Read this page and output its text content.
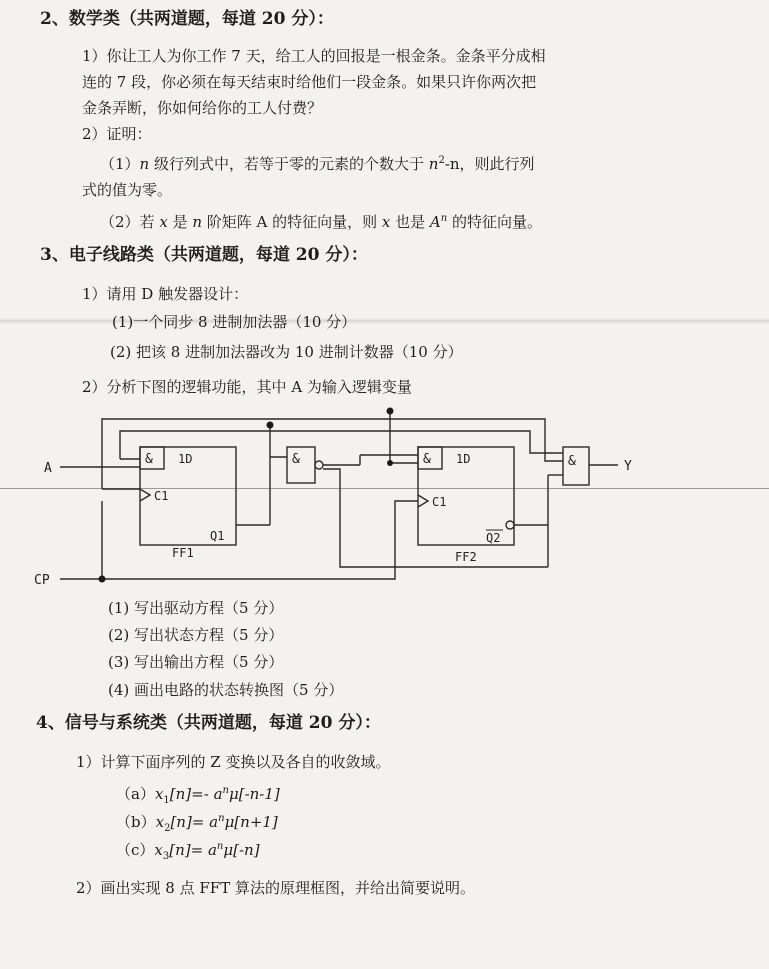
2、数学类（共两道题，每道 20 分）：
1）你让工人为你工作 7 天，给工人的回报是一根金条。金条平分成相
连的 7 段，你必须在每天结束时给他们一段金条。如果只许你两次把
金条弄断，你如何给你的工人付费？
2）证明：
（1）n 级行列式中，若等于零的元素的个数大于 $n^2-n$，则此行列
式的值为零。
（2）若 x 是 n 阶矩阵 A 的特征向量，则 x 也是 $A^n$ 的特征向量。
3、电子线路类（共两道题，每道 20 分）：
1）请用 D 触发器设计：
(1)一个同步 8 进制加法器（10 分）
(2) 把该 8 进制加法器改为 10 进制计数器（10 分）
2）分析下图的逻辑功能，其中 A 为输入逻辑变量
A
CP
Y
& 1D
C1
Q1
FF1
&	& 1D
C1
Q2
FF2
&
(1) 写出驱动方程（5 分）
(2) 写出状态方程（5 分）
(3) 写出输出方程（5 分）
(4) 画出电路的状态转换图（5 分）
4、信号与系统类（共两道题，每道 20 分）：
1）计算下面序列的 Z 变换以及各自的收敛域。
$(a)x_1[n]=-$ $a^n\mu[-n-1]$
$(b)x_2[n]= a^n\mu[n+1]$
$(c)x_3[n]= a^n\mu[-n]$
2）画出实现 8 点 FFT 算法的原理框图，并给出简要说明。
